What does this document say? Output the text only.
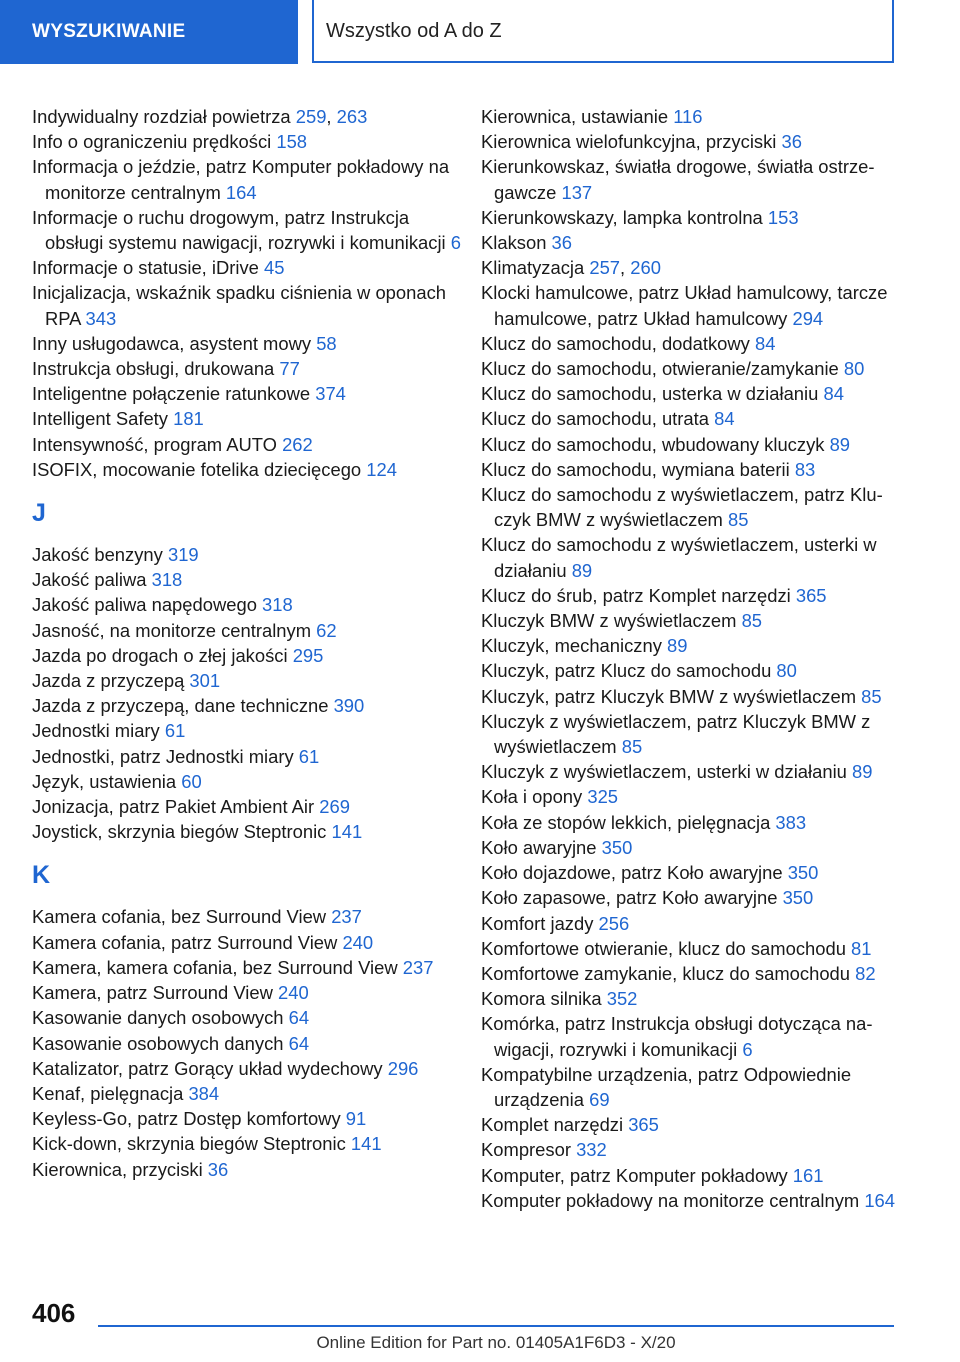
WYSZUKIWANIE	Wszystko od A do Z
Indywidualny rozdział powietrza 259, 263
Info o ograniczeniu prędkości 158
Informacja o jeździe, patrz Komputer pokładowy na monitorze centralnym 164
Informacje o ruchu drogowym, patrz Instrukcja obsługi systemu nawigacji, rozrywki i komunikacji 6
Informacje o statusie, iDrive 45
Inicjalizacja, wskaźnik spadku ciśnienia w oponach RPA 343
Inny usługodawca, asystent mowy 58
Instrukcja obsługi, drukowana 77
Inteligentne połączenie ratunkowe 374
Intelligent Safety 181
Intensywność, program AUTO 262
ISOFIX, mocowanie fotelika dziecięcego 124
J
Jakość benzyny 319
Jakość paliwa 318
Jakość paliwa napędowego 318
Jasność, na monitorze centralnym 62
Jazda po drogach o złej jakości 295
Jazda z przyczepą 301
Jazda z przyczepą, dane techniczne 390
Jednostki miary 61
Jednostki, patrz Jednostki miary 61
Język, ustawienia 60
Jonizacja, patrz Pakiet Ambient Air 269
Joystick, skrzynia biegów Steptronic 141
K
Kamera cofania, bez Surround View 237
Kamera cofania, patrz Surround View 240
Kamera, kamera cofania, bez Surround View 237
Kamera, patrz Surround View 240
Kasowanie danych osobowych 64
Kasowanie osobowych danych 64
Katalizator, patrz Gorący układ wydechowy 296
Kenaf, pielęgnacja 384
Keyless-Go, patrz Dostęp komfortowy 91
Kick-down, skrzynia biegów Steptronic 141
Kierownica, przyciski 36
Kierownica, ustawianie 116
Kierownica wielofunkcyjna, przyciski 36
Kierunkowskaz, światła drogowe, światła ostrzegawcze 137
Kierunkowskazy, lampka kontrolna 153
Klakson 36
Klimatyzacja 257, 260
Klocki hamulcowe, patrz Układ hamulcowy, tarcze hamulcowe, patrz Układ hamulcowy 294
Klucz do samochodu, dodatkowy 84
Klucz do samochodu, otwieranie/zamykanie 80
Klucz do samochodu, usterka w działaniu 84
Klucz do samochodu, utrata 84
Klucz do samochodu, wbudowany kluczyk 89
Klucz do samochodu, wymiana baterii 83
Klucz do samochodu z wyświetlaczem, patrz Kluczyk BMW z wyświetlaczem 85
Klucz do samochodu z wyświetlaczem, usterki w działaniu 89
Klucz do śrub, patrz Komplet narzędzi 365
Kluczyk BMW z wyświetlaczem 85
Kluczyk, mechaniczny 89
Kluczyk, patrz Klucz do samochodu 80
Kluczyk, patrz Kluczyk BMW z wyświetlaczem 85
Kluczyk z wyświetlaczem, patrz Kluczyk BMW z wyświetlaczem 85
Kluczyk z wyświetlaczem, usterki w działaniu 89
Koła i opony 325
Koła ze stopów lekkich, pielęgnacja 383
Koło awaryjne 350
Koło dojazdowe, patrz Koło awaryjne 350
Koło zapasowe, patrz Koło awaryjne 350
Komfort jazdy 256
Komfortowe otwieranie, klucz do samochodu 81
Komfortowe zamykanie, klucz do samochodu 82
Komora silnika 352
Komórka, patrz Instrukcja obsługi dotycząca nawigacji, rozrywki i komunikacji 6
Kompatybilne urządzenia, patrz Odpowiednie urządzenia 69
Komplet narzędzi 365
Kompresor 332
Komputer, patrz Komputer pokładowy 161
Komputer pokładowy na monitorze centralnym 164
406
Online Edition for Part no. 01405A1F6D3 - X/20
